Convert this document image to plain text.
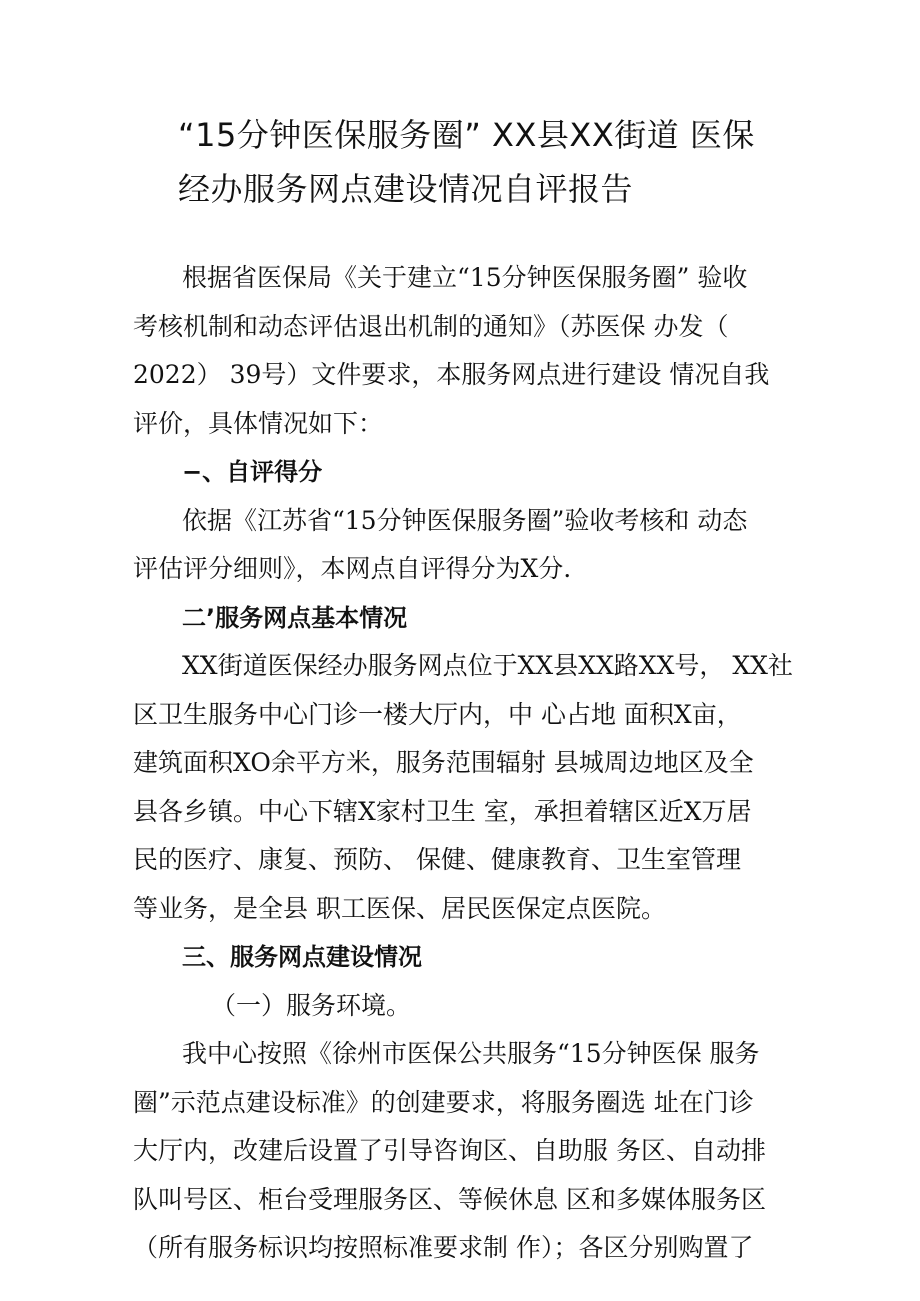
“15分钟医保服务圈” XX县XX街道 医保
经办服务网点建设情况自评报告
根据省医保局《关于建立“15分钟医保服务圈” 验收
考核机制和动态评估退出机制的通知》（苏医保 办发（
2022） 39号）文件要求，本服务网点进行建设 情况自我
评价，具体情况如下：
−、自评得分
依据《江苏省“15分钟医保服务圈”验收考核和 动态
评估评分细则》，本网点自评得分为X分.
二’服务网点基本情况
XX街道医保经办服务网点位于XX县XX路XX号， XX社
区卫生服务中心门诊一楼大厅内，中 心占地 面积X亩，
建筑面积XO余平方米，服务范围辐射 县城周边地区及全
县各乡镇。中心下辖X家村卫生 室，承担着辖区近X万居
民的医疗、康复、预防、 保健、健康教育、卫生室管理
等业务，是全县 职工医保、居民医保定点医院。
三、服务网点建设情况
（一）服务环境。
我中心按照《徐州市医保公共服务“15分钟医保 服务
圈”示范点建设标准》的创建要求，将服务圈选 址在门诊
大厅内，改建后设置了引导咨询区、自助服 务区、自动排
队叫号区、柜台受理服务区、等候休息 区和多媒体服务区
（所有服务标识均按照标准要求制 作）；各区分别购置了
